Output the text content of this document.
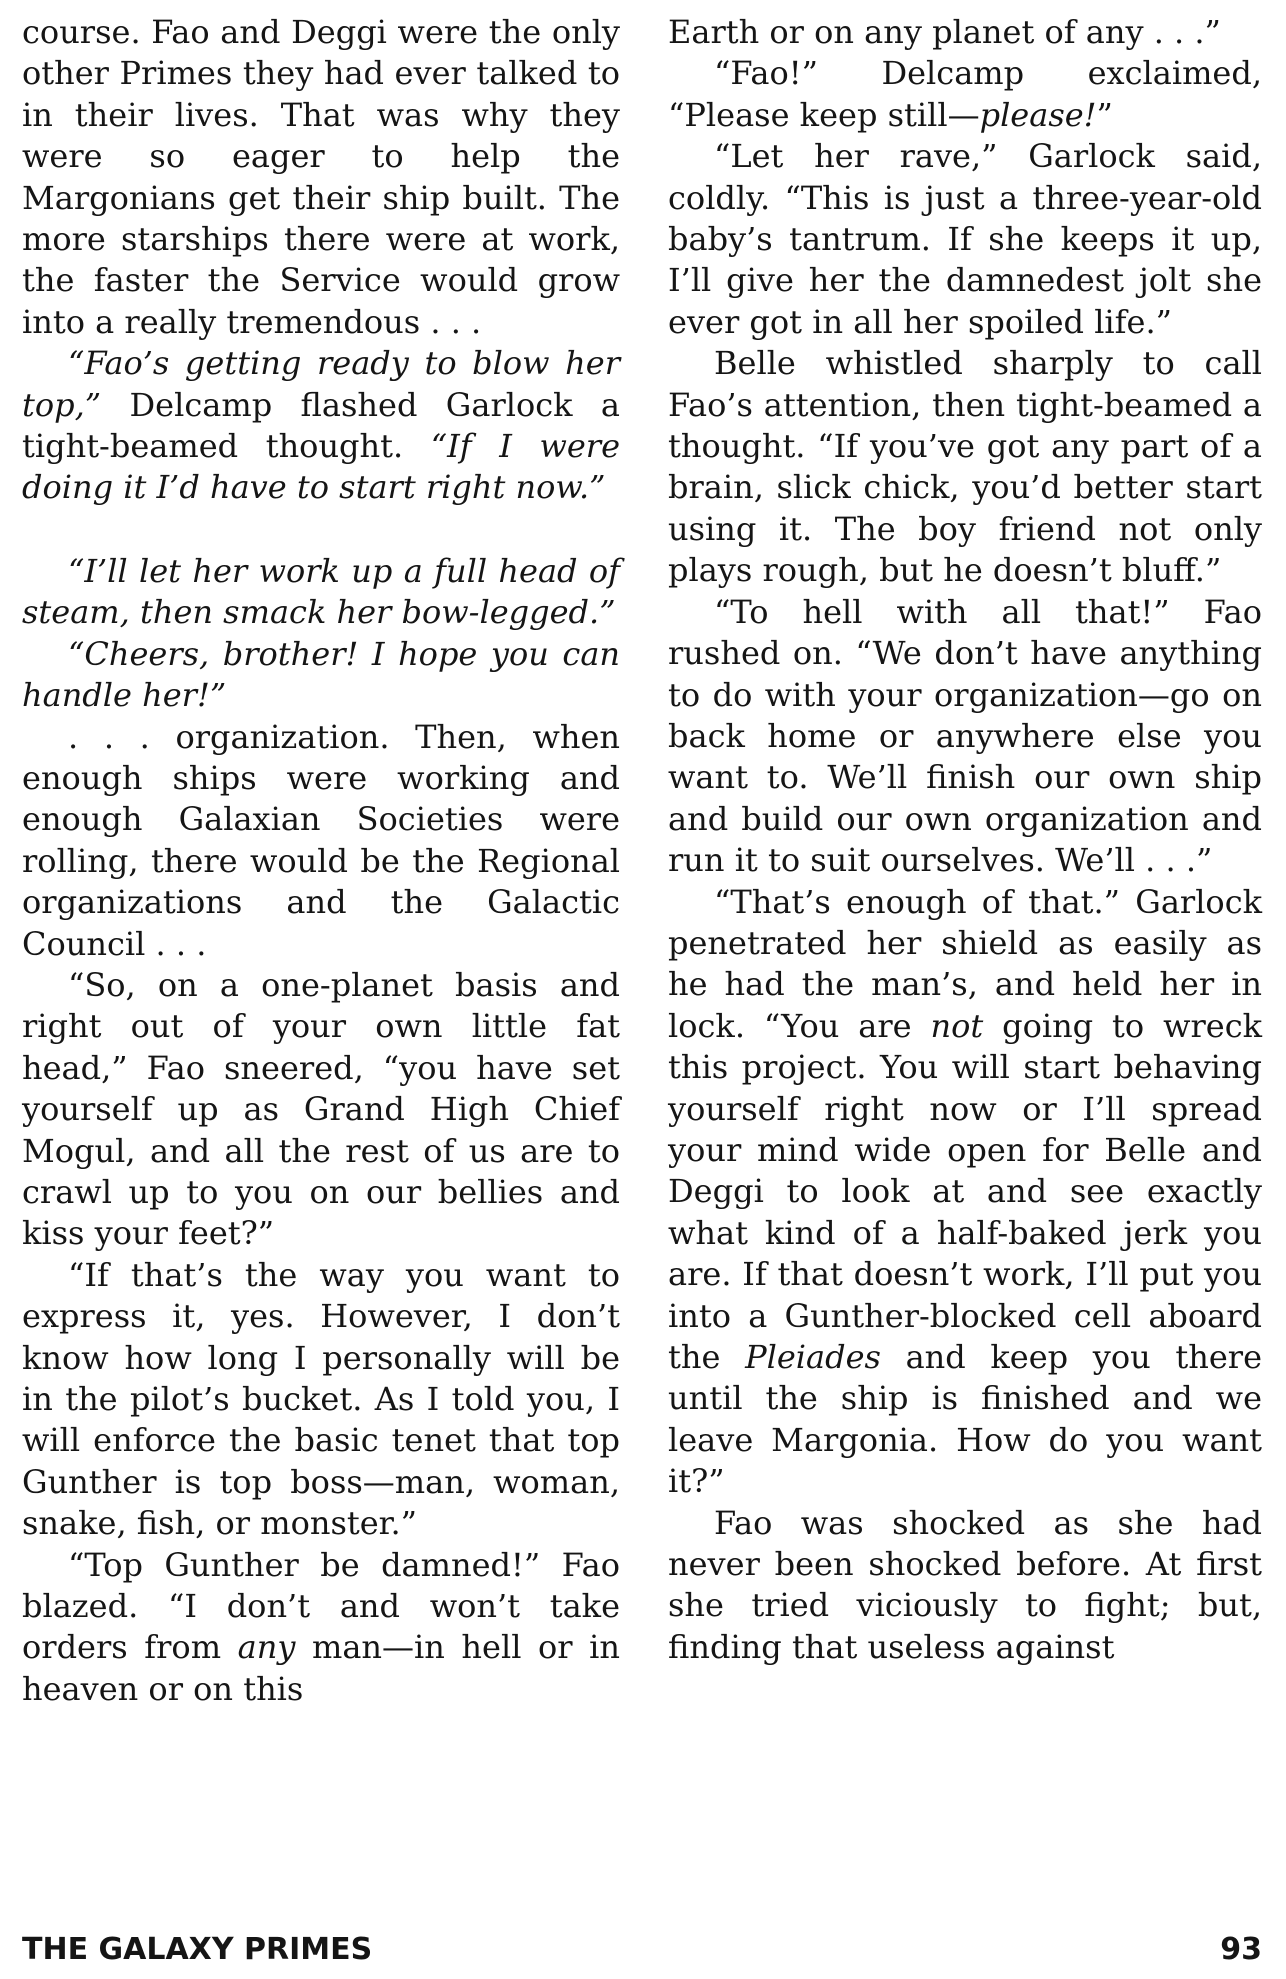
course. Fao and Deggi were the only other Primes they had ever talked to in their lives. That was why they were so eager to help the Margonians get their ship built. The more starships there were at work, the faster the Service would grow into a really tremendous . . .

“Fao’s getting ready to blow her top,” Delcamp flashed Garlock a tight-beamed thought. “If I were doing it I’d have to start right now.”

“I’ll let her work up a full head of steam, then smack her bow-legged.”

“Cheers, brother! I hope you can handle her!”

. . . organization. Then, when enough ships were working and enough Galaxian Societies were rolling, there would be the Regional organizations and the Galactic Council . . .

“So, on a one-planet basis and right out of your own little fat head,” Fao sneered, “you have set yourself up as Grand High Chief Mogul, and all the rest of us are to crawl up to you on our bellies and kiss your feet?”

“If that’s the way you want to express it, yes. However, I don’t know how long I personally will be in the pilot’s bucket. As I told you, I will enforce the basic tenet that top Gunther is top boss—man, woman, snake, fish, or monster.”

“Top Gunther be damned!” Fao blazed. “I don’t and won’t take orders from any man—in hell or in heaven or on this

Earth or on any planet of any . . .”

“Fao!” Delcamp exclaimed, “Please keep still—please!”

“Let her rave,” Garlock said, coldly. “This is just a three-year-old baby’s tantrum. If she keeps it up, I’ll give her the damnedest jolt she ever got in all her spoiled life.”

Belle whistled sharply to call Fao’s attention, then tight-beamed a thought. “If you’ve got any part of a brain, slick chick, you’d better start using it. The boy friend not only plays rough, but he doesn’t bluff.”

“To hell with all that!” Fao rushed on. “We don’t have anything to do with your organization—go on back home or anywhere else you want to. We’ll finish our own ship and build our own organization and run it to suit ourselves. We’ll . . .”

“That’s enough of that.” Garlock penetrated her shield as easily as he had the man’s, and held her in lock. “You are not going to wreck this project. You will start behaving yourself right now or I’ll spread your mind wide open for Belle and Deggi to look at and see exactly what kind of a half-baked jerk you are. If that doesn’t work, I’ll put you into a Gunther-blocked cell aboard the Pleiades and keep you there until the ship is finished and we leave Margonia. How do you want it?”

Fao was shocked as she had never been shocked before. At first she tried viciously to fight; but, finding that useless against

THE GALAXY PRIMES	93
